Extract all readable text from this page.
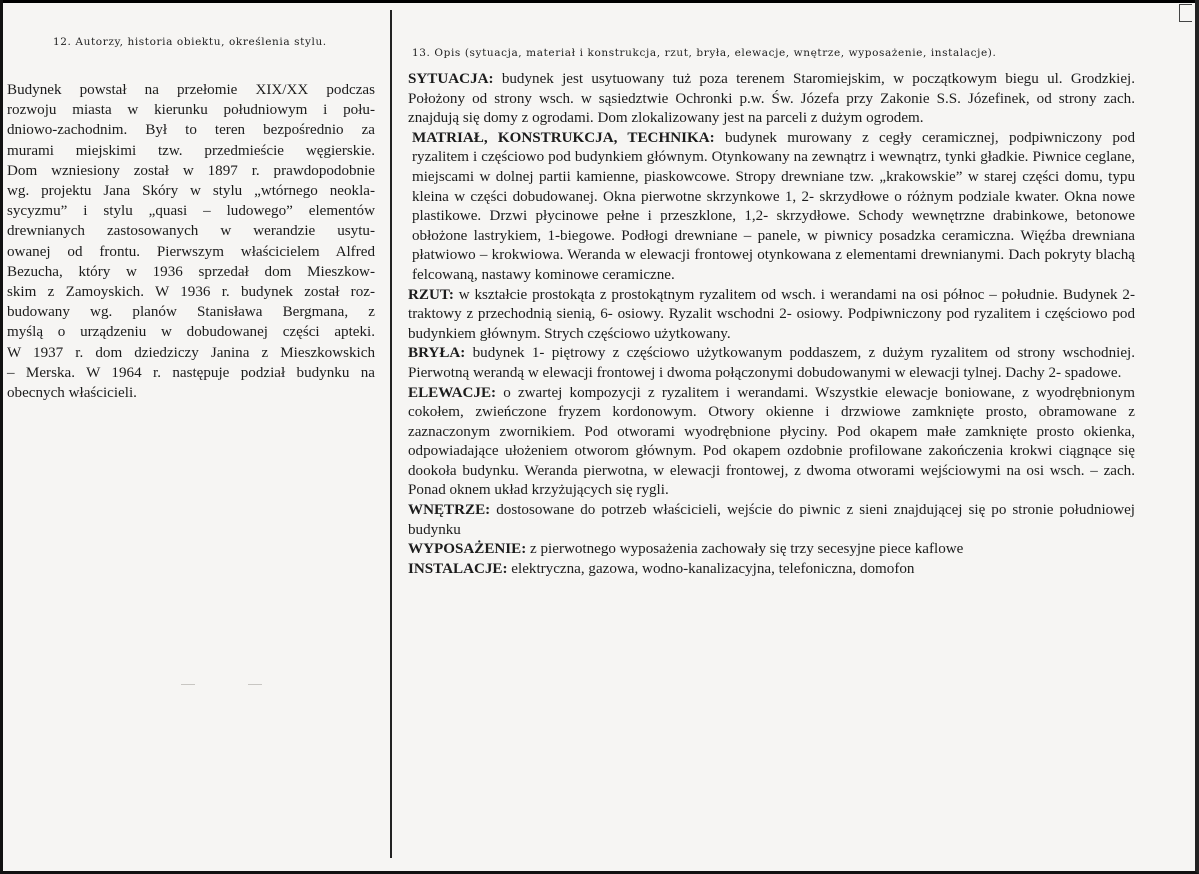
12. Autorzy, historia obiektu, określenia stylu.

Budynek powstał na przełomie XIX/XX podczas
rozwoju miasta w kierunku południowym i połu-
dniowo-zachodnim. Był to teren bezpośrednio za
murami miejskimi tzw. przedmieście węgierskie.
Dom wzniesiony został w 1897 r. prawdopodobnie
wg. projektu Jana Skóry w stylu „wtórnego neokla-
sycyzmu” i stylu „quasi – ludowego” elementów
drewnianych zastosowanych w werandzie usytu-
owanej od frontu. Pierwszym właścicielem Alfred
Bezucha, który w 1936 sprzedał dom Mieszkow-
skim z Zamoyskich. W 1936 r. budynek został roz-
budowany wg. planów Stanisława Bergmana, z
myślą o urządzeniu w dobudowanej części apteki.
W 1937 r. dom dziedziczy Janina z Mieszkowskich
– Merska. W 1964 r. następuje podział budynku na
obecnych właścicieli.

13. Opis (sytuacja, materiał i konstrukcja, rzut, bryła, elewacje, wnętrze, wyposażenie, instalacje).

SYTUACJA: budynek jest usytuowany tuż poza terenem Staromiejskim, w początkowym biegu ul. Grodzkiej. Położony od strony wsch. w sąsiedztwie Ochronki p.w. Św. Józefa przy Zakonie S.S. Józefinek, od strony zach. znajdują się domy z ogrodami. Dom zlokalizowany jest na parceli z dużym ogrodem.

MATRIAŁ, KONSTRUKCJA, TECHNIKA: budynek murowany z cegły ceramicznej, podpiwniczony pod ryzalitem i częściowo pod budynkiem głównym. Otynkowany na zewnątrz i wewnątrz, tynki gładkie. Piwnice ceglane, miejscami w dolnej partii kamienne, piaskowcowe. Stropy drewniane tzw. „krakowskie” w starej części domu, typu kleina w części dobudowanej. Okna pierwotne skrzynkowe 1, 2- skrzydłowe o różnym podziale kwater. Okna nowe plastikowe. Drzwi płycinowe pełne i przeszklone, 1,2- skrzydłowe. Schody wewnętrzne drabinkowe, betonowe obłożone lastrykiem, 1-biegowe. Podłogi drewniane – panele, w piwnicy posadzka ceramiczna. Więźba drewniana płatwiowo – krokwiowa. Weranda w elewacji frontowej otynkowana z elementami drewnianymi. Dach pokryty blachą felcowaną, nastawy kominowe ceramiczne.

RZUT: w kształcie prostokąta z prostokątnym ryzalitem od wsch. i werandami na osi północ – południe. Budynek 2- traktowy z przechodnią sienią, 6- osiowy. Ryzalit wschodni 2- osiowy. Podpiwniczony pod ryzalitem i częściowo pod budynkiem głównym. Strych częściowo użytkowany.

BRYŁA: budynek 1- piętrowy z częściowo użytkowanym poddaszem, z dużym ryzalitem od strony wschodniej. Pierwotną werandą w elewacji frontowej i dwoma połączonymi dobudowanymi w elewacji tylnej. Dachy 2- spadowe.

ELEWACJE: o zwartej kompozycji z ryzalitem i werandami. Wszystkie elewacje boniowane, z wyodrębnionym cokołem, zwieńczone fryzem kordonowym. Otwory okienne i drzwiowe zamknięte prosto, obramowane z zaznaczonym zwornikiem. Pod otworami wyodrębnione płyciny. Pod okapem małe zamknięte prosto okienka, odpowiadające ułożeniem otworom głównym. Pod okapem ozdobnie profilowane zakończenia krokwi ciągnące się dookoła budynku. Weranda pierwotna, w elewacji frontowej, z dwoma otworami wejściowymi na osi wsch. – zach. Ponad oknem układ krzyżujących się rygli.

WNĘTRZE: dostosowane do potrzeb właścicieli, wejście do piwnic z sieni znajdującej się po stronie południowej budynku

WYPOSAŻENIE: z pierwotnego wyposażenia zachowały się trzy secesyjne piece kaflowe

INSTALACJE: elektryczna, gazowa, wodno-kanalizacyjna, telefoniczna, domofon
